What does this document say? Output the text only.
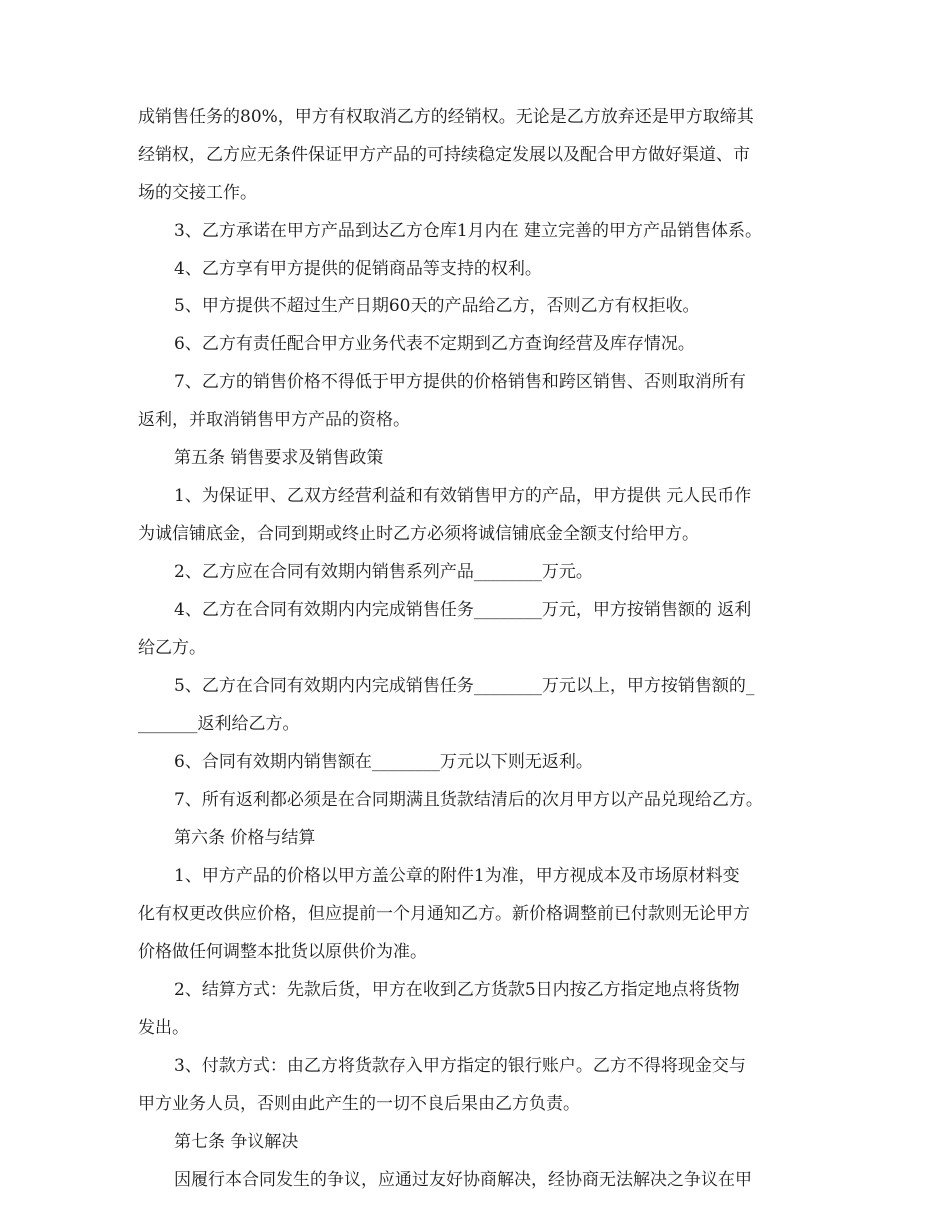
成销售任务的80%，甲方有权取消乙方的经销权。无论是乙方放弃还是甲方取缔其
经销权，乙方应无条件保证甲方产品的可持续稳定发展以及配合甲方做好渠道、市
场的交接工作。
3、乙方承诺在甲方产品到达乙方仓库1月内在 建立完善的甲方产品销售体系。
4、乙方享有甲方提供的促销商品等支持的权利。
5、甲方提供不超过生产日期60天的产品给乙方，否则乙方有权拒收。
6、乙方有责任配合甲方业务代表不定期到乙方查询经营及库存情况。
7、乙方的销售价格不得低于甲方提供的价格销售和跨区销售、否则取消所有
返利，并取消销售甲方产品的资格。
第五条 销售要求及销售政策
1、为保证甲、乙双方经营利益和有效销售甲方的产品，甲方提供 元人民币作
为诚信铺底金，合同到期或终止时乙方必须将诚信铺底金全额支付给甲方。
2、乙方应在合同有效期内销售系列产品________万元。
4、乙方在合同有效期内内完成销售任务________万元，甲方按销售额的 返利
给乙方。
5、乙方在合同有效期内内完成销售任务________万元以上，甲方按销售额的_
_______返利给乙方。
6、合同有效期内销售额在________万元以下则无返利。
7、所有返利都必须是在合同期满且货款结清后的次月甲方以产品兑现给乙方。
第六条 价格与结算
1、甲方产品的价格以甲方盖公章的附件1为准，甲方视成本及市场原材料变
化有权更改供应价格，但应提前一个月通知乙方。新价格调整前已付款则无论甲方
价格做任何调整本批货以原供价为准。
2、结算方式：先款后货，甲方在收到乙方货款5日内按乙方指定地点将货物
发出。
3、付款方式：由乙方将货款存入甲方指定的银行账户。乙方不得将现金交与
甲方业务人员，否则由此产生的一切不良后果由乙方负责。
第七条 争议解决
因履行本合同发生的争议，应通过友好协商解决，经协商无法解决之争议在甲
